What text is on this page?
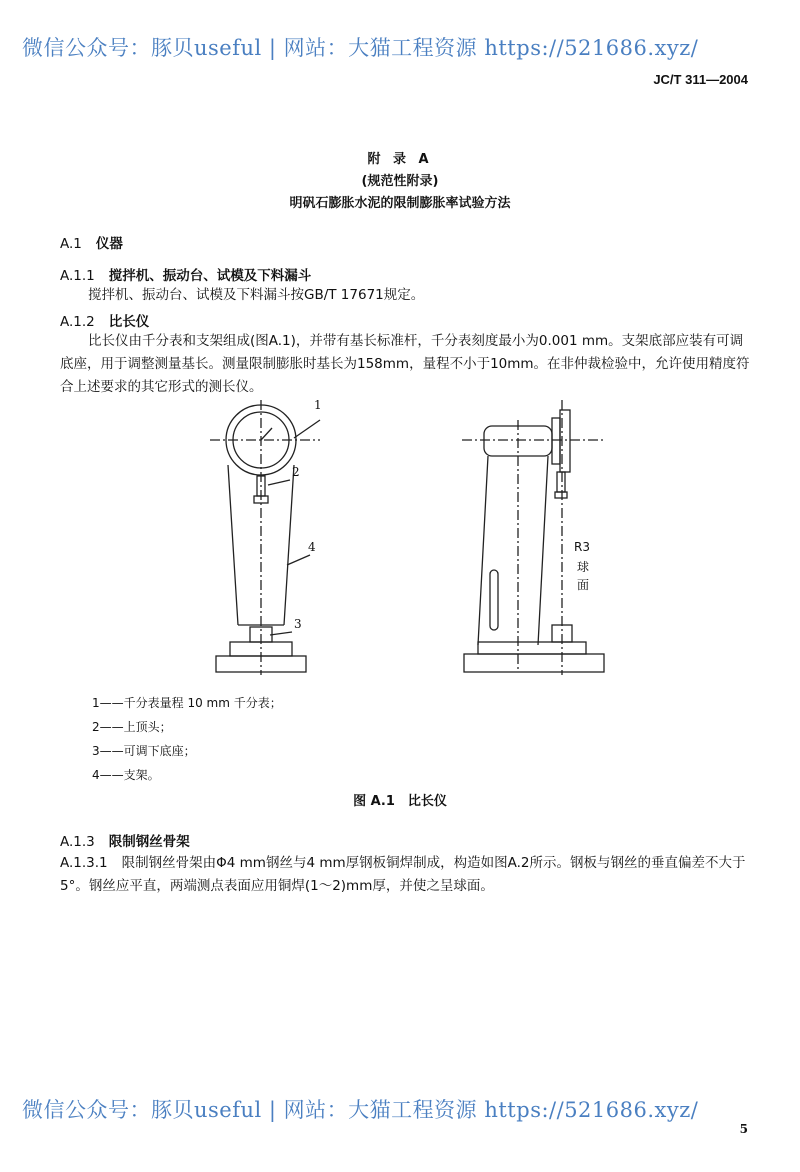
微信公众号：豚贝useful | 网站：大猫工程资源 https://521686.xyz/
JC/T 311—2004
附 录 A
(规范性附录)
明矾石膨胀水泥的限制膨胀率试验方法
A.1 仪器
A.1.1 搅拌机、振动台、试模及下料漏斗
搅拌机、振动台、试模及下料漏斗按GB/T 17671规定。
A.1.2 比长仪
比长仪由千分表和支架组成(图A.1)，并带有基长标准杆，千分表刻度最小为0.001 mm。支架底部应装有可调底座，用于调整测量基长。测量限制膨胀时基长为158mm，量程不小于10mm。在非仲裁检验中，允许使用精度符合上述要求的其它形式的测长仪。
1
2
4
3
R3
球
面
1——千分表量程 10 mm 千分表；
2——上顶头；
3——可调下底座；
4——支架。
图 A.1　比长仪
A.1.3 限制钢丝骨架
A.1.3.1 限制钢丝骨架由Φ4 mm钢丝与4 mm厚钢板铜焊制成，构造如图A.2所示。钢板与钢丝的垂直偏差不大于5°。钢丝应平直，两端测点表面应用铜焊(1～2)mm厚，并使之呈球面。
微信公众号：豚贝useful | 网站：大猫工程资源 https://521686.xyz/
5
